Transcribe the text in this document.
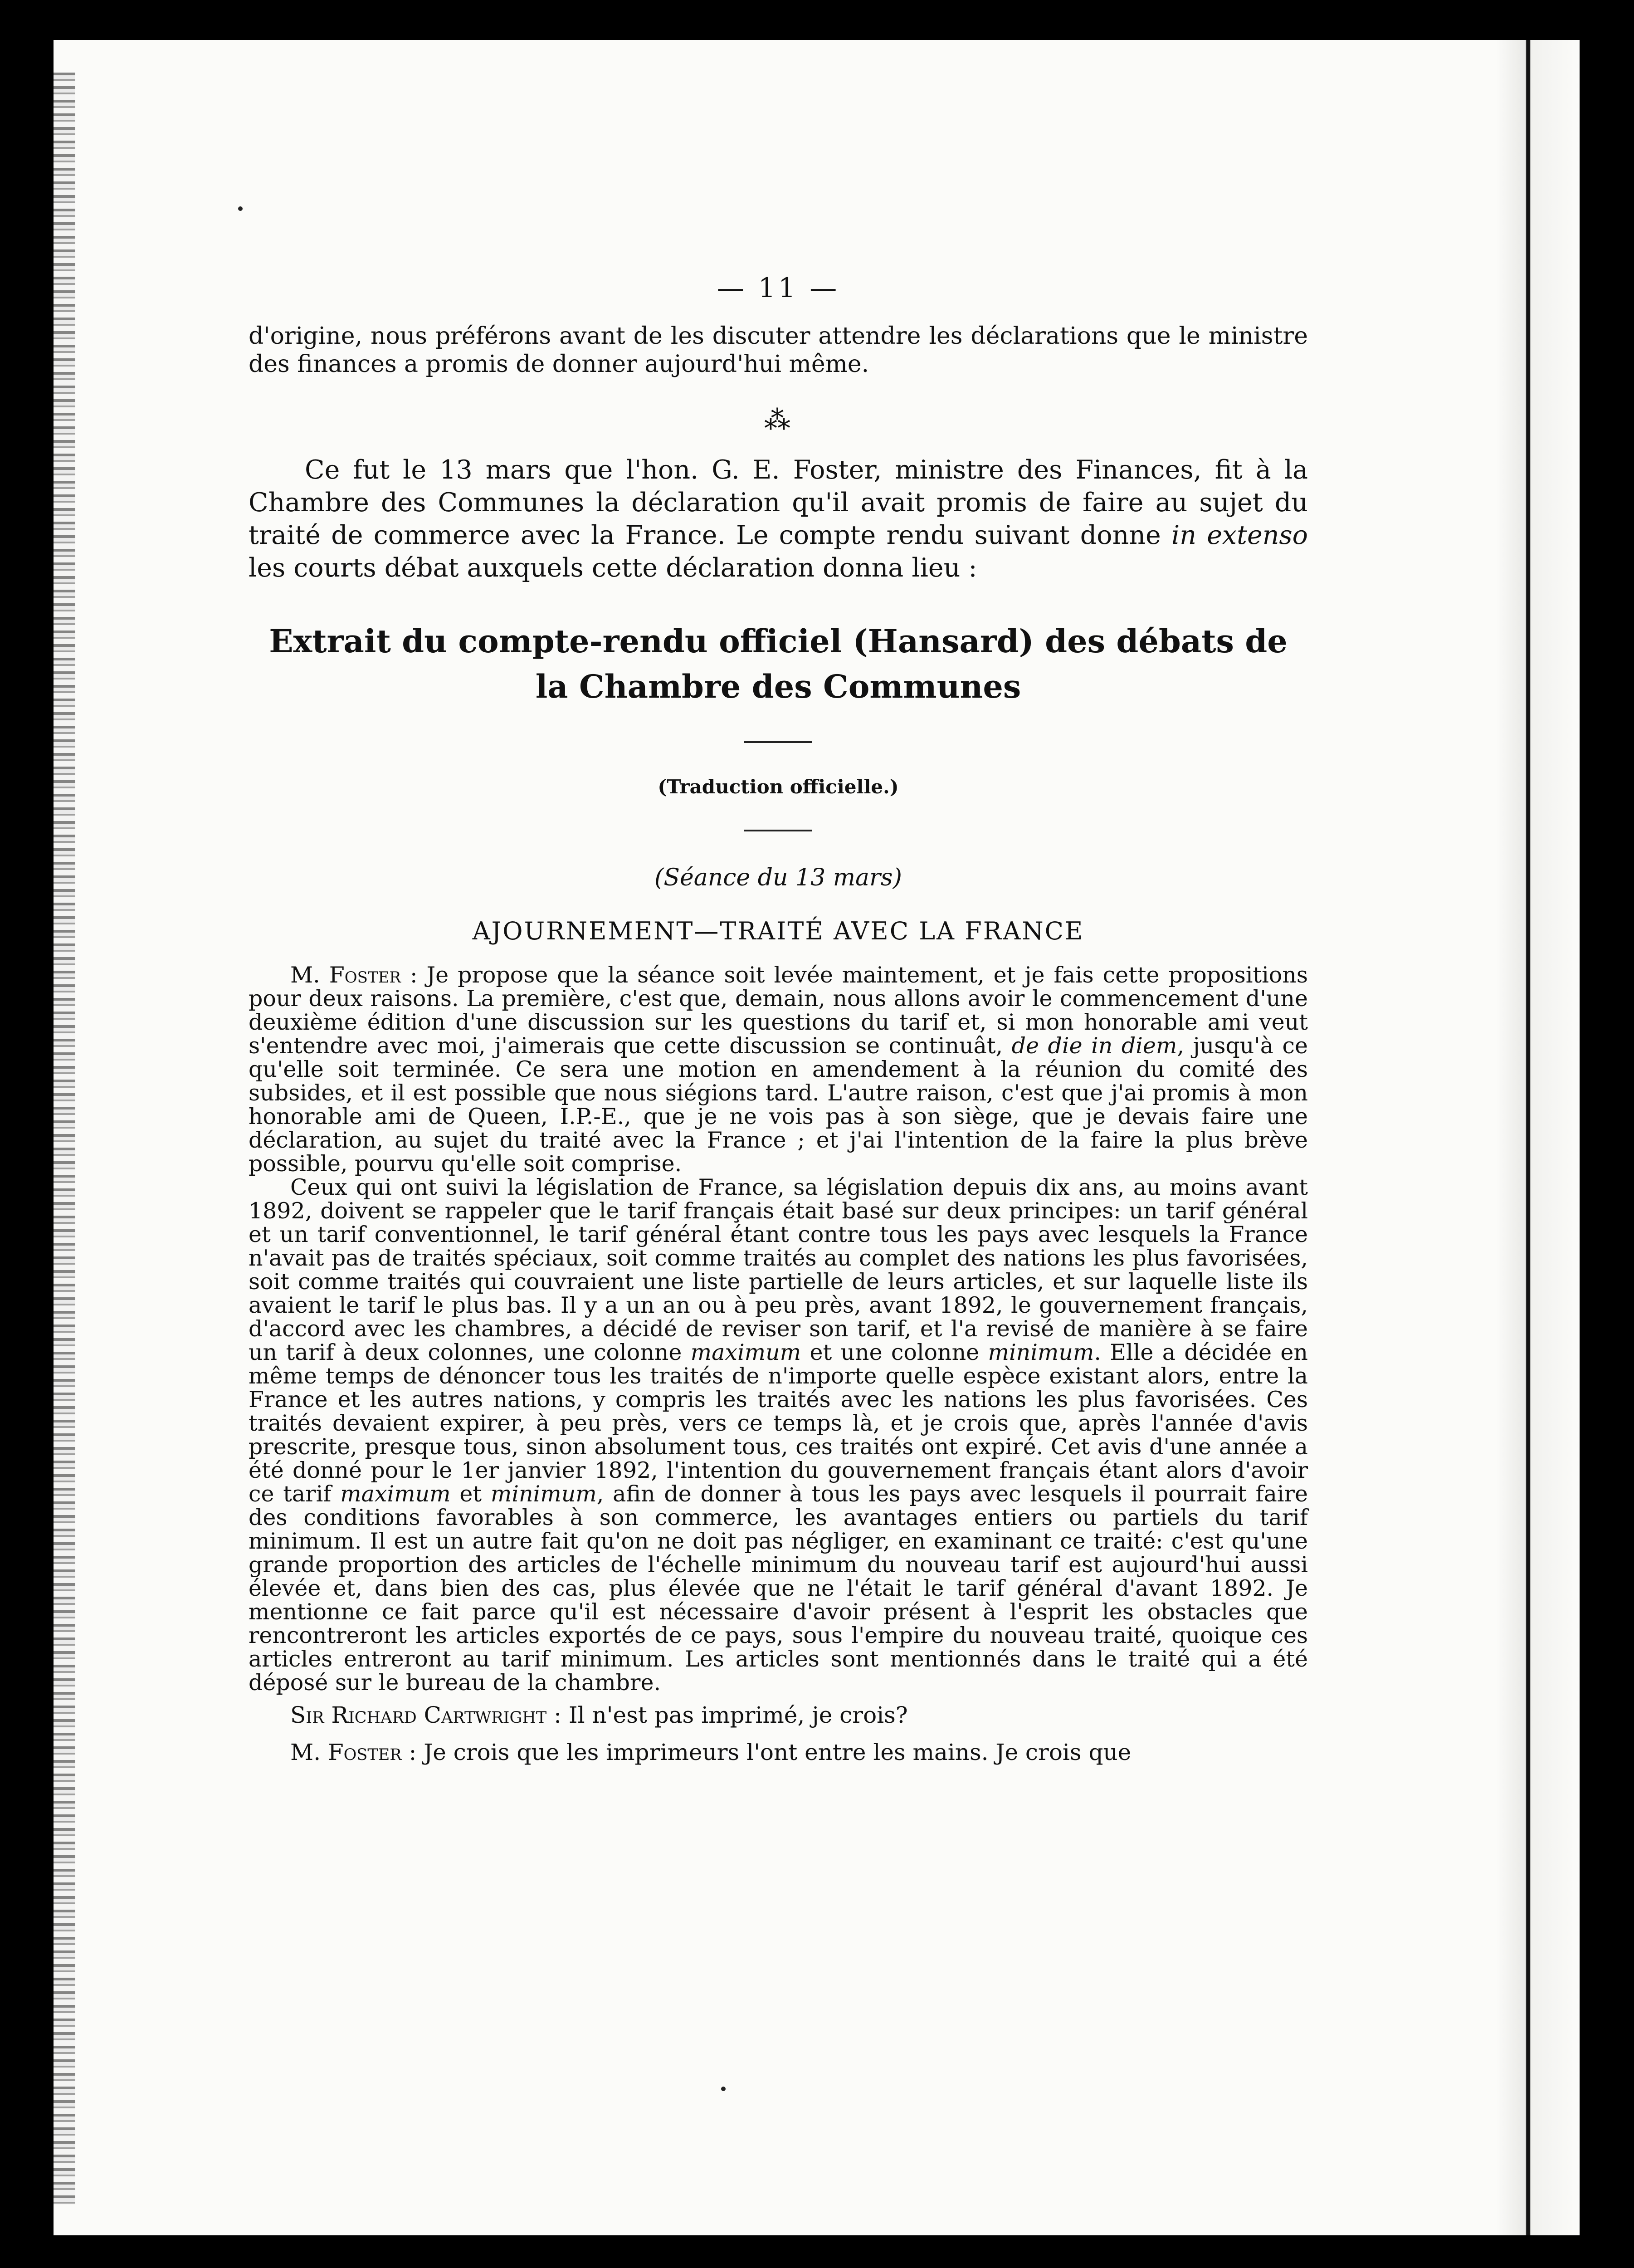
— 11 —

d'origine, nous préférons avant de les discuter attendre les déclarations que le ministre des finances a promis de donner aujourd'hui même.

⁂

Ce fut le 13 mars que l'hon. G. E. Foster, ministre des Finances, fit à la Chambre des Communes la déclaration qu'il avait promis de faire au sujet du traité de commerce avec la France. Le compte rendu suivant donne in extenso les courts débat auxquels cette déclaration donna lieu :

Extrait du compte-rendu officiel (Hansard) des débats de
la Chambre des Communes
(Traduction officielle.)
(Séance du 13 mars)
AJOURNEMENT—TRAITÉ AVEC LA FRANCE

M. Foster : Je propose que la séance soit levée maintement, et je fais cette propositions pour deux raisons. La première, c'est que, demain, nous allons avoir le commencement d'une deuxième édition d'une discussion sur les questions du tarif et, si mon honorable ami veut s'entendre avec moi, j'aimerais que cette discussion se continuât, de die in diem, jusqu'à ce qu'elle soit terminée. Ce sera une motion en amendement à la réunion du comité des subsides, et il est possible que nous siégions tard. L'autre raison, c'est que j'ai promis à mon honorable ami de Queen, I.P.-E., que je ne vois pas à son siège, que je devais faire une déclaration, au sujet du traité avec la France ; et j'ai l'intention de la faire la plus brève possible, pourvu qu'elle soit comprise.

Ceux qui ont suivi la législation de France, sa législation depuis dix ans, au moins avant 1892, doivent se rappeler que le tarif français était basé sur deux principes: un tarif général et un tarif conventionnel, le tarif général étant contre tous les pays avec lesquels la France n'avait pas de traités spéciaux, soit comme traités au complet des nations les plus favorisées, soit comme traités qui couvraient une liste partielle de leurs articles, et sur laquelle liste ils avaient le tarif le plus bas. Il y a un an ou à peu près, avant 1892, le gouvernement français, d'accord avec les chambres, a décidé de reviser son tarif, et l'a revisé de manière à se faire un tarif à deux colonnes, une colonne maximum et une colonne minimum. Elle a décidée en même temps de dénoncer tous les traités de n'importe quelle espèce existant alors, entre la France et les autres nations, y compris les traités avec les nations les plus favorisées. Ces traités devaient expirer, à peu près, vers ce temps là, et je crois que, après l'année d'avis prescrite, presque tous, sinon absolument tous, ces traités ont expiré. Cet avis d'une année a été donné pour le 1er janvier 1892, l'intention du gouvernement français étant alors d'avoir ce tarif maximum et minimum, afin de donner à tous les pays avec lesquels il pourrait faire des conditions favorables à son commerce, les avantages entiers ou partiels du tarif minimum. Il est un autre fait qu'on ne doit pas négliger, en examinant ce traité: c'est qu'une grande proportion des articles de l'échelle minimum du nouveau tarif est aujourd'hui aussi élevée et, dans bien des cas, plus élevée que ne l'était le tarif général d'avant 1892. Je mentionne ce fait parce qu'il est nécessaire d'avoir présent à l'esprit les obstacles que rencontreront les articles exportés de ce pays, sous l'empire du nouveau traité, quoique ces articles entreront au tarif minimum. Les articles sont mentionnés dans le traité qui a été déposé sur le bureau de la chambre.

Sir Richard Cartwright : Il n'est pas imprimé, je crois?

M. Foster : Je crois que les imprimeurs l'ont entre les mains. Je crois que
